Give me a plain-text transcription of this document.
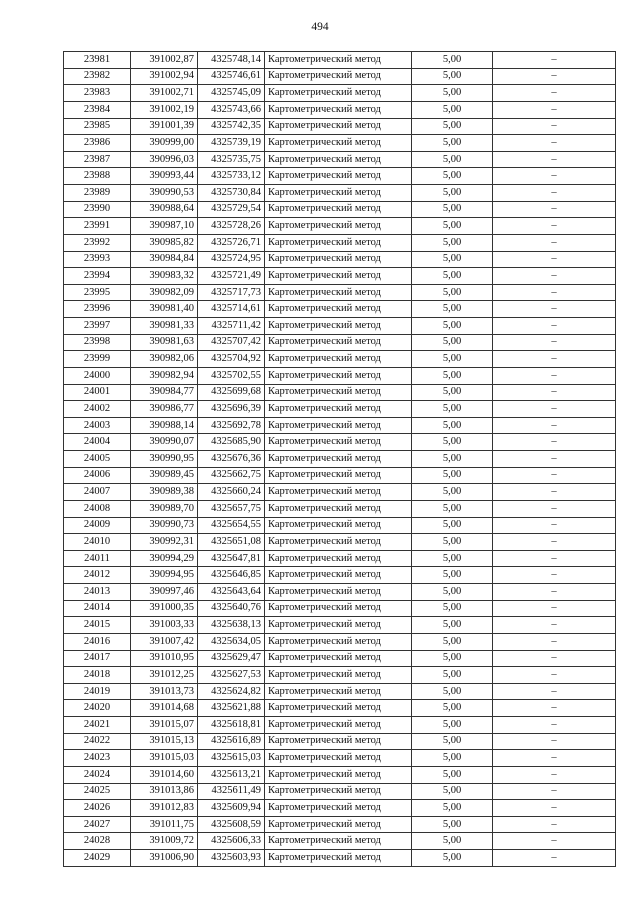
494
23981	391002,87	4325748,14	Картометрический метод	5,00	–
23982	391002,94	4325746,61	Картометрический метод	5,00	–
23983	391002,71	4325745,09	Картометрический метод	5,00	–
23984	391002,19	4325743,66	Картометрический метод	5,00	–
23985	391001,39	4325742,35	Картометрический метод	5,00	–
23986	390999,00	4325739,19	Картометрический метод	5,00	–
23987	390996,03	4325735,75	Картометрический метод	5,00	–
23988	390993,44	4325733,12	Картометрический метод	5,00	–
23989	390990,53	4325730,84	Картометрический метод	5,00	–
23990	390988,64	4325729,54	Картометрический метод	5,00	–
23991	390987,10	4325728,26	Картометрический метод	5,00	–
23992	390985,82	4325726,71	Картометрический метод	5,00	–
23993	390984,84	4325724,95	Картометрический метод	5,00	–
23994	390983,32	4325721,49	Картометрический метод	5,00	–
23995	390982,09	4325717,73	Картометрический метод	5,00	–
23996	390981,40	4325714,61	Картометрический метод	5,00	–
23997	390981,33	4325711,42	Картометрический метод	5,00	–
23998	390981,63	4325707,42	Картометрический метод	5,00	–
23999	390982,06	4325704,92	Картометрический метод	5,00	–
24000	390982,94	4325702,55	Картометрический метод	5,00	–
24001	390984,77	4325699,68	Картометрический метод	5,00	–
24002	390986,77	4325696,39	Картометрический метод	5,00	–
24003	390988,14	4325692,78	Картометрический метод	5,00	–
24004	390990,07	4325685,90	Картометрический метод	5,00	–
24005	390990,95	4325676,36	Картометрический метод	5,00	–
24006	390989,45	4325662,75	Картометрический метод	5,00	–
24007	390989,38	4325660,24	Картометрический метод	5,00	–
24008	390989,70	4325657,75	Картометрический метод	5,00	–
24009	390990,73	4325654,55	Картометрический метод	5,00	–
24010	390992,31	4325651,08	Картометрический метод	5,00	–
24011	390994,29	4325647,81	Картометрический метод	5,00	–
24012	390994,95	4325646,85	Картометрический метод	5,00	–
24013	390997,46	4325643,64	Картометрический метод	5,00	–
24014	391000,35	4325640,76	Картометрический метод	5,00	–
24015	391003,33	4325638,13	Картометрический метод	5,00	–
24016	391007,42	4325634,05	Картометрический метод	5,00	–
24017	391010,95	4325629,47	Картометрический метод	5,00	–
24018	391012,25	4325627,53	Картометрический метод	5,00	–
24019	391013,73	4325624,82	Картометрический метод	5,00	–
24020	391014,68	4325621,88	Картометрический метод	5,00	–
24021	391015,07	4325618,81	Картометрический метод	5,00	–
24022	391015,13	4325616,89	Картометрический метод	5,00	–
24023	391015,03	4325615,03	Картометрический метод	5,00	–
24024	391014,60	4325613,21	Картометрический метод	5,00	–
24025	391013,86	4325611,49	Картометрический метод	5,00	–
24026	391012,83	4325609,94	Картометрический метод	5,00	–
24027	391011,75	4325608,59	Картометрический метод	5,00	–
24028	391009,72	4325606,33	Картометрический метод	5,00	–
24029	391006,90	4325603,93	Картометрический метод	5,00	–
